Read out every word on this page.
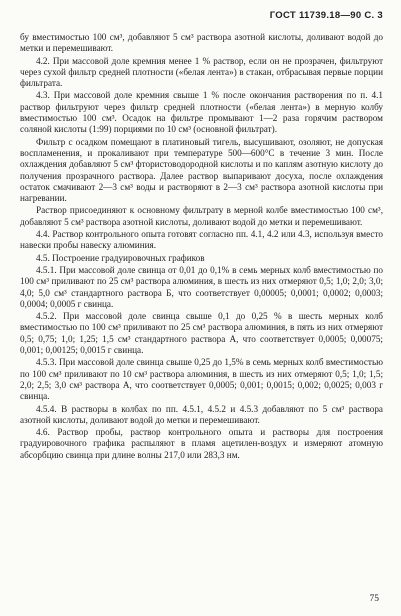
ГОСТ 11739.18—90 С. 3

бу вместимостью 100 см³, добавляют 5 см³ раствора азотной кислоты, доливают водой до метки и перемешивают.

4.2. При массовой доле кремния менее 1 % раствор, если он не прозрачен, фильтруют через сухой фильтр средней плотности («белая лента») в стакан, отбрасывая первые порции фильтрата.

4.3. При массовой доле кремния свыше 1 % после окончания растворения по п. 4.1 раствор фильтруют через фильтр средней плотности («белая лента») в мерную колбу вместимостью 100 см³. Осадок на фильтре промывают 1—2 раза горячим раствором соляной кислоты (1:99) порциями по 10 см³ (основной фильтрат).

Фильтр с осадком помещают в платиновый тигель, высушивают, озоляют, не допуская воспламенения, и прокаливают при температуре 500—600°С в течение 3 мин. После охлаждения добавляют 5 см³ фтористоводородной кислоты и по каплям азотную кислоту до получения прозрачного раствора. Далее раствор выпаривают досуха, после охлаждения остаток смачивают 2—3 см³ воды и растворяют в 2—3 см³ раствора азотной кислоты при нагревании.

Раствор присоединяют к основному фильтрату в мерной колбе вместимостью 100 см³, добавляют 5 см³ раствора азотной кислоты, доливают водой до метки и перемешивают.

4.4. Раствор контрольного опыта готовят согласно пп. 4.1, 4.2 или 4.3, используя вместо навески пробы навеску алюминия.

4.5. Построение градуировочных графиков

4.5.1. При массовой доле свинца от 0,01 до 0,1% в семь мерных колб вместимостью по 100 см³ приливают по 25 см³ раствора алюминия, в шесть из них отмеряют 0,5; 1,0; 2,0; 3,0; 4,0; 5,0 см³ стандартного раствора Б, что соответствует 0,00005; 0,0001; 0,0002; 0,0003; 0,0004; 0,0005 г свинца.

4.5.2. При массовой доле свинца свыше 0,1 до 0,25 % в шесть мерных колб вместимостью по 100 см³ приливают по 25 см³ раствора алюминия, в пять из них отмеряют 0,5; 0,75; 1,0; 1,25; 1,5 см³ стандартного раствора А, что соответствует 0,0005; 0,00075; 0,001; 0,00125; 0,0015 г свинца.

4.5.3. При массовой доле свинца свыше 0,25 до 1,5% в семь мерных колб вместимостью по 100 см³ приливают по 10 см³ раствора алюминия, в шесть из них отмеряют 0,5; 1,0; 1,5; 2,0; 2,5; 3,0 см³ раствора А, что соответствует 0,0005; 0,001; 0,0015; 0,002; 0,0025; 0,003 г свинца.

4.5.4. В растворы в колбах по пп. 4.5.1, 4.5.2 и 4.5.3 добавляют по 5 см³ раствора азотной кислоты, доливают водой до метки и перемешивают.

4.6. Раствор пробы, раствор контрольного опыта и растворы для построения градуировочного графика распыляют в пламя ацетилен-воздух и измеряют атомную абсорбцию свинца при длине волны 217,0 или 283,3 нм.

75
